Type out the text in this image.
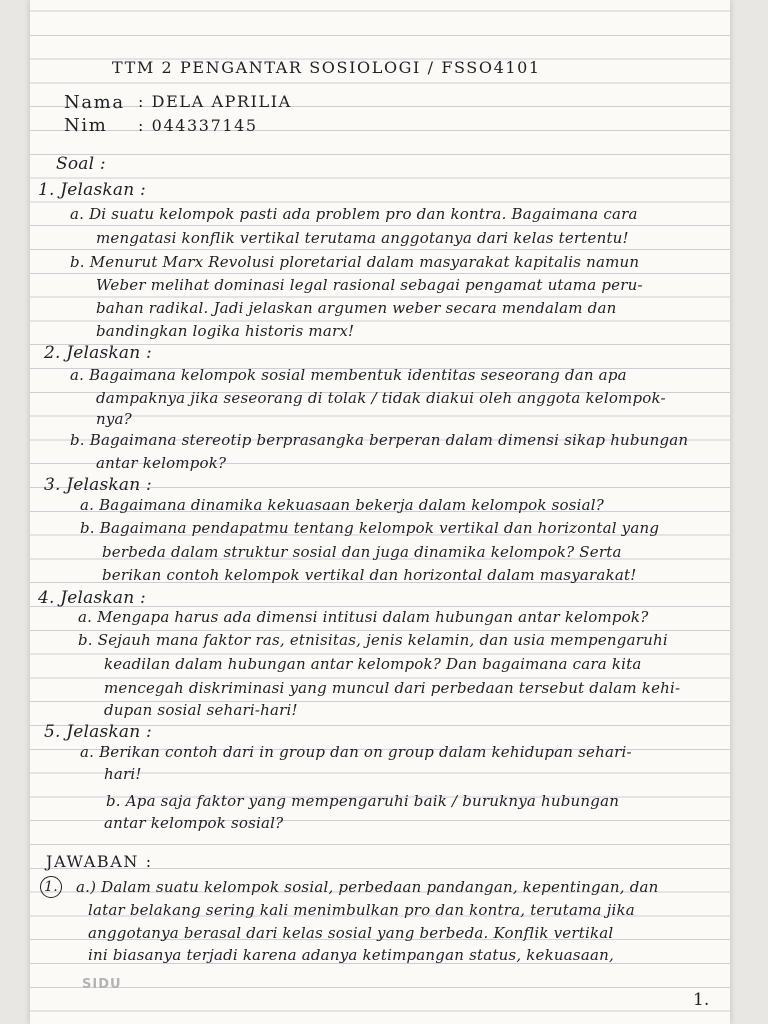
TTM 2 PENGANTAR SOSIOLOGI / FSSO4101
Nama : DELA APRILIA
Nim : 044337145
Soal :
1. Jelaskan :
a. Di suatu kelompok pasti ada problem pro dan kontra. Bagaimana cara
mengatasi konflik vertikal terutama anggotanya dari kelas tertentu!
b. Menurut Marx Revolusi ploretarial dalam masyarakat kapitalis namun
Weber melihat dominasi legal rasional sebagai pengamat utama peru-
bahan radikal. Jadi jelaskan argumen weber secara mendalam dan
bandingkan logika historis marx!
2. Jelaskan :
a. Bagaimana kelompok sosial membentuk identitas seseorang dan apa
dampaknya jika seseorang di tolak / tidak diakui oleh anggota kelompok-
nya?
b. Bagaimana stereotip berprasangka berperan dalam dimensi sikap hubungan
antar kelompok?
3. Jelaskan :
a. Bagaimana dinamika kekuasaan bekerja dalam kelompok sosial?
b. Bagaimana pendapatmu tentang kelompok vertikal dan horizontal yang
berbeda dalam struktur sosial dan juga dinamika kelompok? Serta
berikan contoh kelompok vertikal dan horizontal dalam masyarakat!
4. Jelaskan :
a. Mengapa harus ada dimensi intitusi dalam hubungan antar kelompok?
b. Sejauh mana faktor ras, etnisitas, jenis kelamin, dan usia mempengaruhi
keadilan dalam hubungan antar kelompok? Dan bagaimana cara kita
mencegah diskriminasi yang muncul dari perbedaan tersebut dalam kehi-
dupan sosial sehari-hari!
5. Jelaskan :
a. Berikan contoh dari in group dan on group dalam kehidupan sehari-
hari!
b. Apa saja faktor yang mempengaruhi baik / buruknya hubungan
antar kelompok sosial?
JAWABAN :
1.	a.) Dalam suatu kelompok sosial, perbedaan pandangan, kepentingan, dan
latar belakang sering kali menimbulkan pro dan kontra, terutama jika
anggotanya berasal dari kelas sosial yang berbeda. Konflik vertikal
ini biasanya terjadi karena adanya ketimpangan status, kekuasaan,
SIDU
1.
